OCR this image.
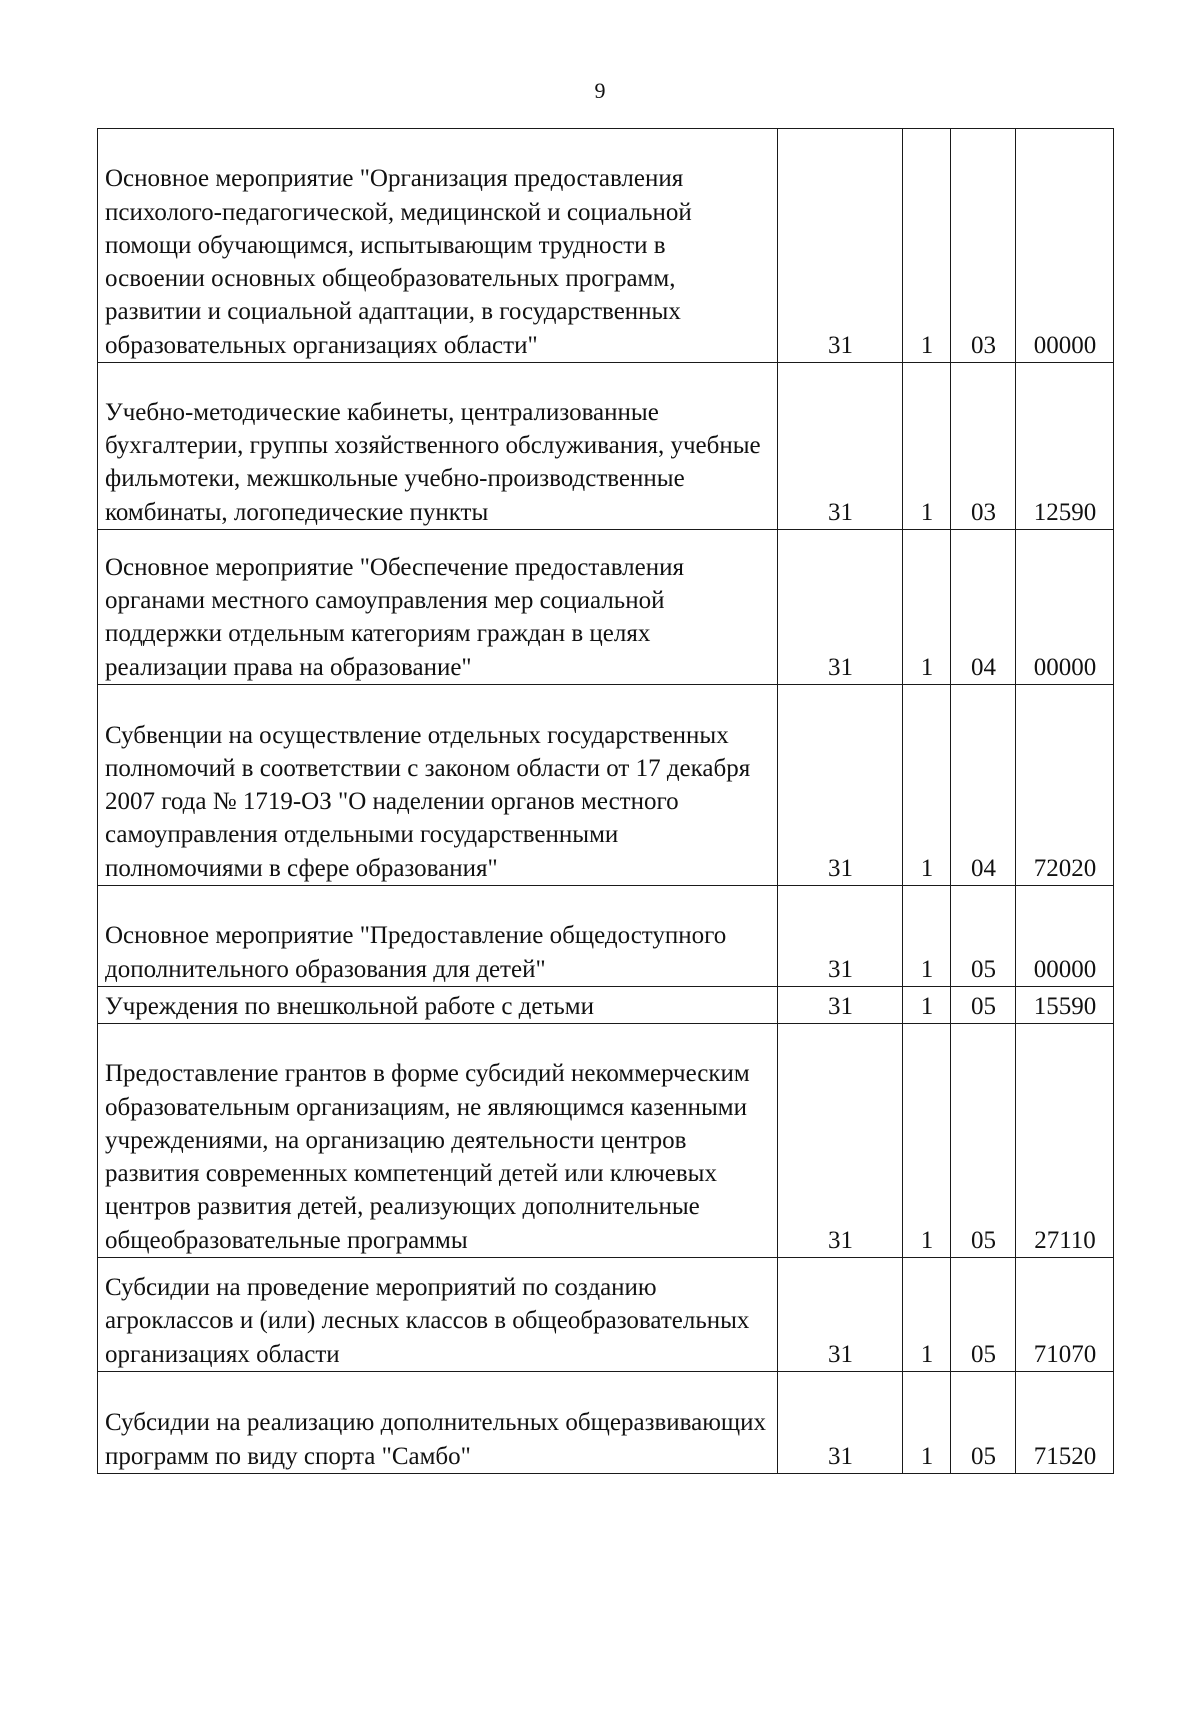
9
Основное мероприятие "Организация предоставления психолого-педагогической, медицинской и социальной помощи обучающимся, испытывающим трудности в освоении основных общеобразовательных программ, развитии и социальной адаптации, в государственных образовательных организациях области"	31	1	03	00000
Учебно-методические кабинеты, централизованные бухгалтерии, группы хозяйственного обслуживания, учебные фильмотеки, межшкольные учебно-производственные комбинаты, логопедические пункты	31	1	03	12590
Основное мероприятие "Обеспечение предоставления органами местного самоуправления мер социальной поддержки отдельным категориям граждан в целях реализации права на образование"	31	1	04	00000
Субвенции на осуществление отдельных государственных полномочий в соответствии с законом области от 17 декабря 2007 года № 1719-ОЗ "О наделении органов местного самоуправления отдельными государственными полномочиями в сфере образования"	31	1	04	72020
Основное мероприятие "Предоставление общедоступного дополнительного образования для детей"	31	1	05	00000
Учреждения по внешкольной работе с детьми	31	1	05	15590
Предоставление грантов в форме субсидий некоммерческим образовательным организациям, не являющимся казенными учреждениями, на организацию деятельности центров развития современных компетенций детей или ключевых центров развития детей, реализующих дополнительные общеобразовательные программы	31	1	05	27110
Субсидии на проведение мероприятий по созданию агроклассов и (или) лесных классов в общеобразовательных организациях области	31	1	05	71070
Субсидии на реализацию дополнительных общеразвивающих программ по виду спорта "Самбо"	31	1	05	71520
